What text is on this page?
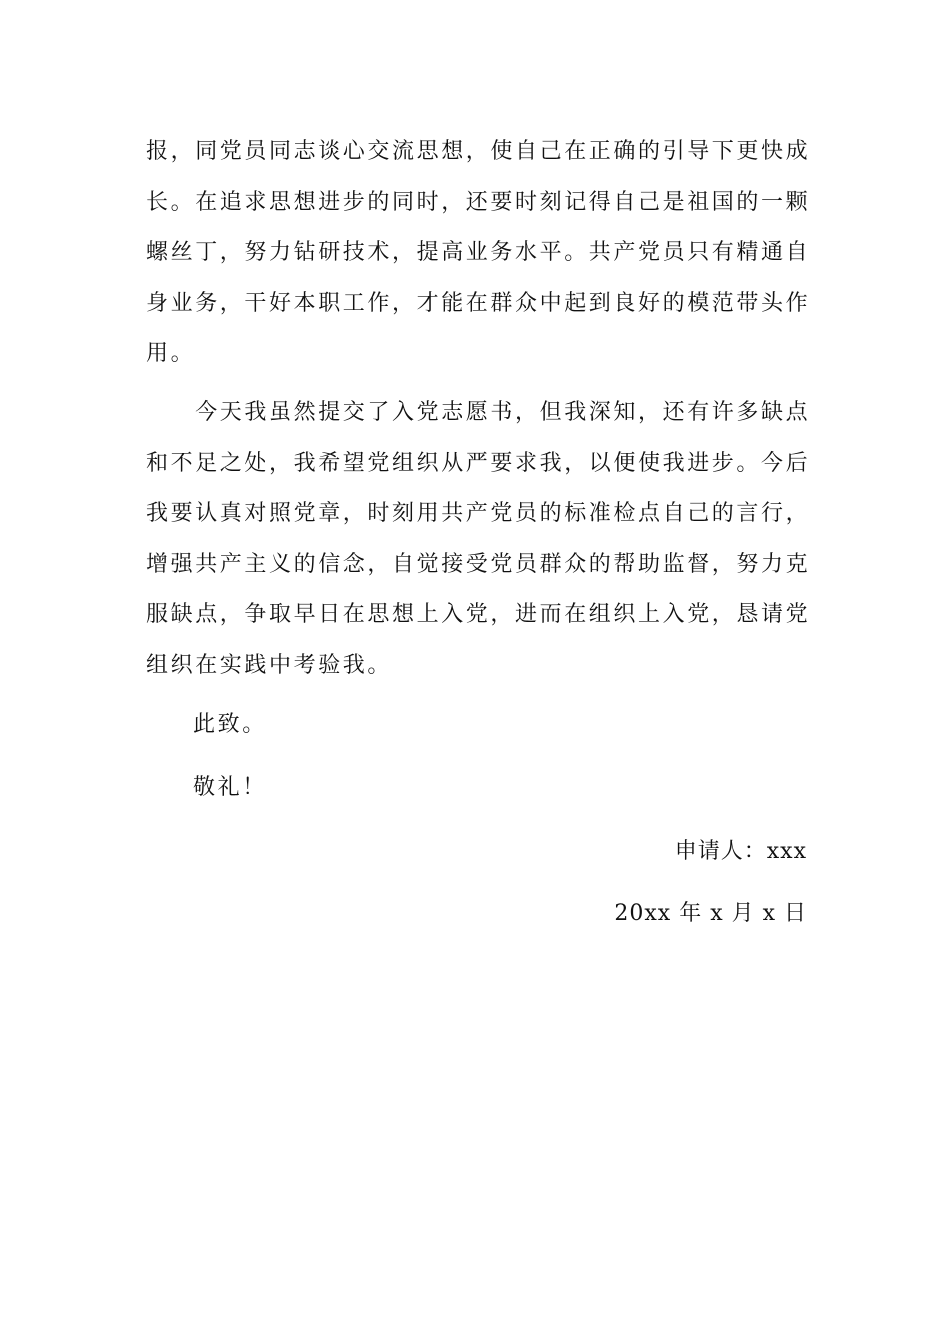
报，同党员同志谈心交流思想，使自己在正确的引导下更快成
长。在追求思想进步的同时，还要时刻记得自己是祖国的一颗
螺丝丁，努力钻研技术，提高业务水平。共产党员只有精通自
身业务，干好本职工作，才能在群众中起到良好的模范带头作
用。
　　今天我虽然提交了入党志愿书，但我深知，还有许多缺点
和不足之处，我希望党组织从严要求我，以便使我进步。今后
我要认真对照党章，时刻用共产党员的标准检点自己的言行，
增强共产主义的信念，自觉接受党员群众的帮助监督，努力克
服缺点，争取早日在思想上入党，进而在组织上入党，恳请党
组织在实践中考验我。
此致。
敬礼！
申请人：xxx
20xx 年 x 月 x 日
